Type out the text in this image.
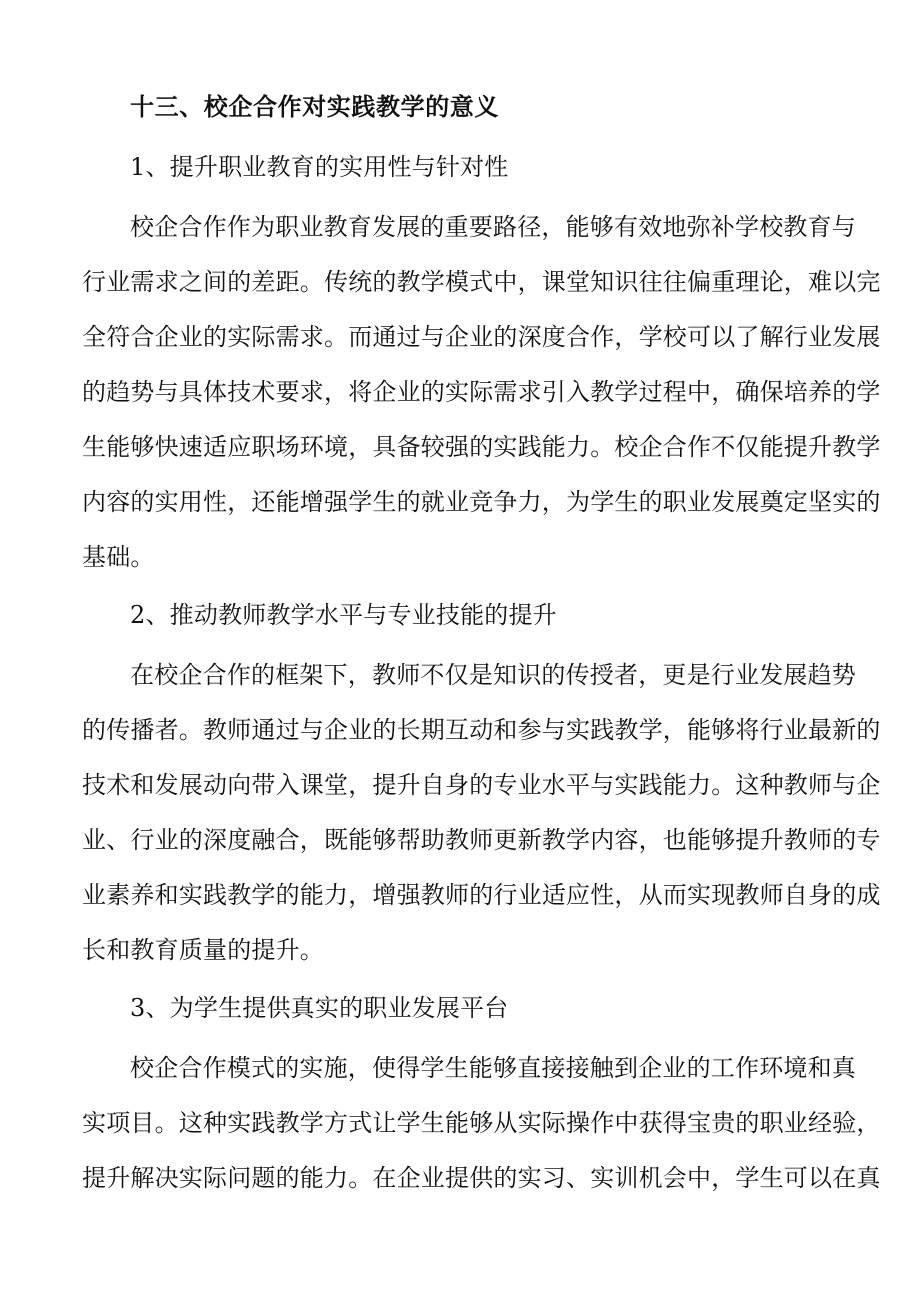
十三、校企合作对实践教学的意义
1、提升职业教育的实用性与针对性
校企合作作为职业教育发展的重要路径，能够有效地弥补学校教育与
行业需求之间的差距。传统的教学模式中，课堂知识往往偏重理论，难以完
全符合企业的实际需求。而通过与企业的深度合作，学校可以了解行业发展
的趋势与具体技术要求，将企业的实际需求引入教学过程中，确保培养的学
生能够快速适应职场环境，具备较强的实践能力。校企合作不仅能提升教学
内容的实用性，还能增强学生的就业竞争力，为学生的职业发展奠定坚实的
基础。
2、推动教师教学水平与专业技能的提升
在校企合作的框架下，教师不仅是知识的传授者，更是行业发展趋势
的传播者。教师通过与企业的长期互动和参与实践教学，能够将行业最新的
技术和发展动向带入课堂，提升自身的专业水平与实践能力。这种教师与企
业、行业的深度融合，既能够帮助教师更新教学内容，也能够提升教师的专
业素养和实践教学的能力，增强教师的行业适应性，从而实现教师自身的成
长和教育质量的提升。
3、为学生提供真实的职业发展平台
校企合作模式的实施，使得学生能够直接接触到企业的工作环境和真
实项目。这种实践教学方式让学生能够从实际操作中获得宝贵的职业经验，
提升解决实际问题的能力。在企业提供的实习、实训机会中，学生可以在真
